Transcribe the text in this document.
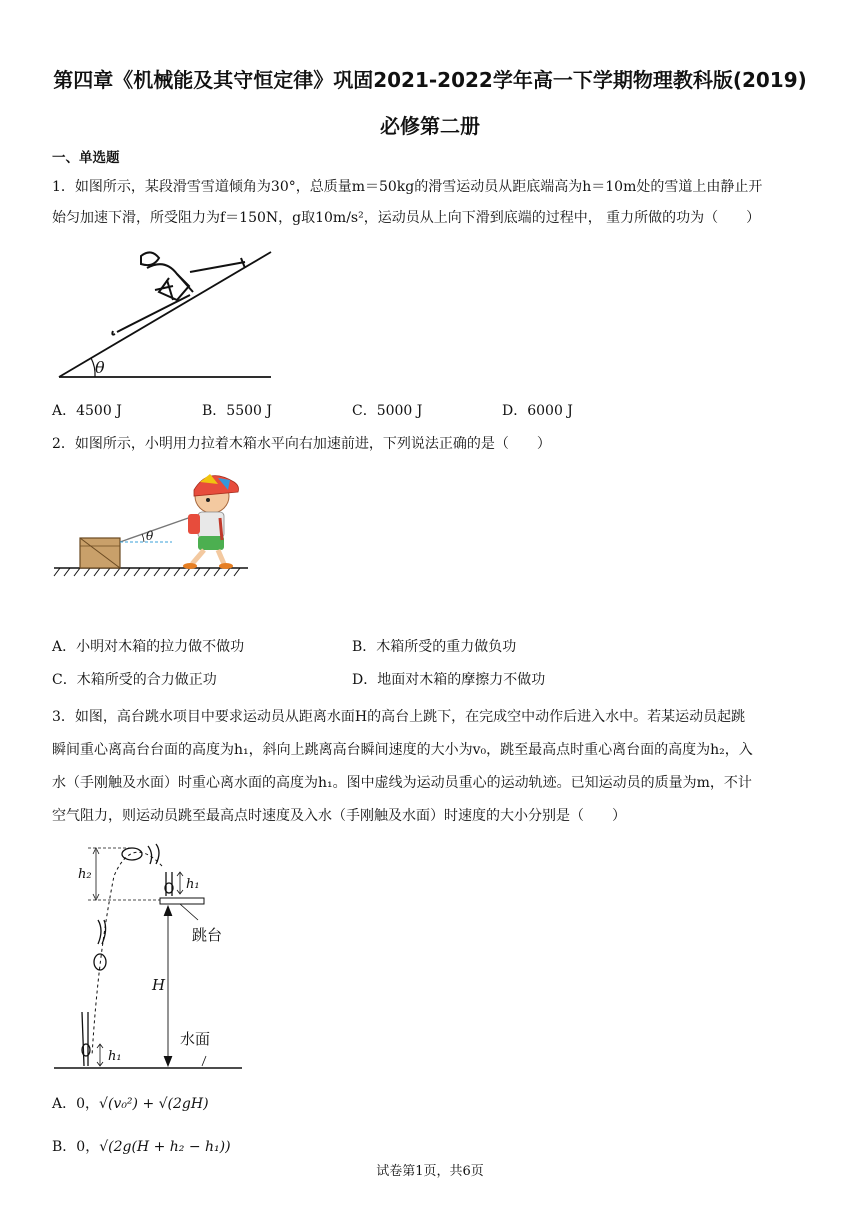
第四章《机械能及其守恒定律》巩固2021-2022学年高一下学期物理教科版(2019)
必修第二册
一、单选题
1．如图所示，某段滑雪雪道倾角为30°，总质量m＝50kg的滑雪运动员从距底端高为h＝10m处的雪道上由静止开
始匀加速下滑，所受阻力为f＝150N，g取10m/s²，运动员从上向下滑到底端的过程中， 重力所做的功为（　　）
θ
A．4500 J	B．5500 J	C．5000 J	D．6000 J
2．如图所示，小明用力拉着木箱水平向右加速前进，下列说法正确的是（　　）
θ
A．小明对木箱的拉力做不做功	B．木箱所受的重力做负功
C．木箱所受的合力做正功	D．地面对木箱的摩擦力不做功
3．如图，高台跳水项目中要求运动员从距离水面H的高台上跳下，在完成空中动作后进入水中。若某运动员起跳
瞬间重心离高台台面的高度为h₁，斜向上跳离高台瞬间速度的大小为v₀，跳至最高点时重心离台面的高度为h₂，入
水（手刚触及水面）时重心离水面的高度为h₁。图中虚线为运动员重心的运动轨迹。已知运动员的质量为m，不计
空气阻力，则运动员跳至最高点时速度及入水（手刚触及水面）时速度的大小分别是（　　）
h₂
h₁
跳台
H
水面
h₁
A．0，√(v₀²) + √(2gH)
B．0，√(2g(H + h₂ − h₁))
试卷第1页，共6页
